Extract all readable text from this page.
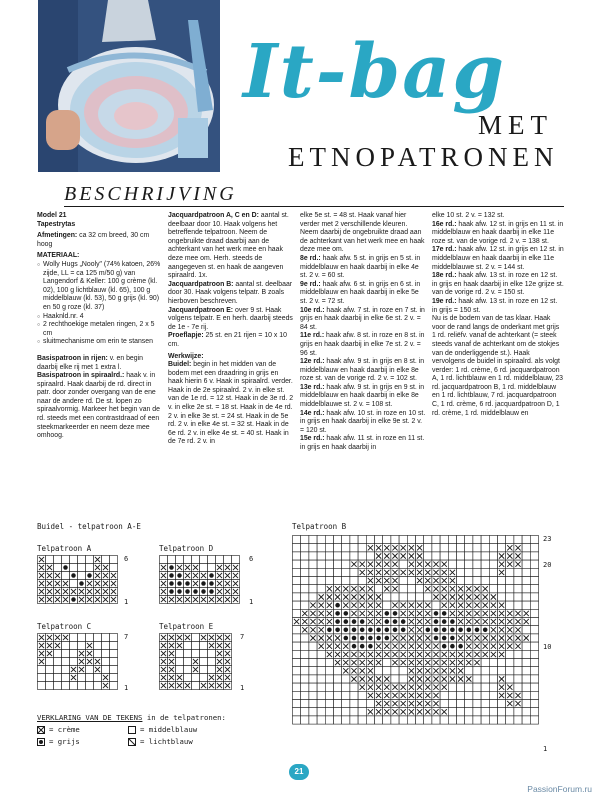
It-bag
MET
ETNOPATRONEN
BESCHRIJVING

Model 21
Tapestrytas

Afmetingen: ca 32 cm breed, 30 cm hoog

MATERIAAL:

○ Wolly Hugs „Nooly" (74% katoen, 26% zijde, LL = ca 125 m/50 g) van Langendorf & Keller: 100 g crème (kl. 02), 100 g lichtblauw (kl. 65), 100 g middelblauw (kl. 53), 50 g grijs (kl. 90) en 50 g roze (kl. 37)
○ Haaknld.nr. 4
○ 2 rechthoekige metalen ringen, 2 x 5 cm
○ sluitmechanisme om erin te stansen

Basispatroon in rijen: v. en begin daarbij elke rij met 1 extra l.
Basispatroon in spiraalrd.: haak v. in spiraalrd. Haak daarbij de rd. direct in patr. door zonder overgang van de ene naar de andere rd. De st. lopen zo spiraalvormig. Markeer het begin van de rd. steeds met een contrastdraad of een steekmarkeerder en neem deze mee omhoog.

Jacquardpatroon A, C en D: aantal st. deelbaar door 10. Haak volgens het betreffende telpatroon. Neem de ongebruikte draad daarbij aan de achterkant van het werk mee en haak deze mee om. Herh. steeds de aangegeven st. en haak de aangeven spiraalrd. 1x.
Jacquardpatroon B: aantal st. deelbaar door 30. Haak volgens telpatr. B zoals hierboven beschreven.
Jacquardpatroon E: over 9 st. Haak volgens telpatr. E en herh. daarbij steeds de 1e - 7e rij.
Proeflapje: 25 st. en 21 rijen = 10 x 10 cm.

Werkwijze:
Buidel: begin in het midden van de bodem met een draadring in grijs en haak hierin 6 v. Haak in spiraalrd. verder. Haak in de 2e spiraalrd. 2 v. in elke st. van de 1e rd. = 12 st. Haak in de 3e rd. 2 v. in elke 2e st. = 18 st. Haak in de 4e rd. 2 v. in elke 3e st. = 24 st. Haak in de 5e rd. 2 v. in elke 4e st. = 32 st. Haak in de 6e rd. 2 v. in elke 4e st. = 40 st. Haak in de 7e rd. 2 v. in

elke 5e st. = 48 st. Haak vanaf hier verder met 2 verschillende kleuren. Neem daarbij de ongebruikte draad aan de achterkant van het werk mee en haak deze mee om.

8e rd.: haak afw. 5 st. in grijs en 5 st. in middelblauw en haak daarbij in elke 4e st. 2 v. = 60 st.

9e rd.: haak afw. 6 st. in grijs en 6 st. in middelblauw en haak daarbij in elke 5e st. 2 v. = 72 st.

10e rd.: haak afw. 7 st. in roze en 7 st. in grijs en haak daarbij in elke 6e st. 2 v. = 84 st.

11e rd.: haak afw. 8 st. in roze en 8 st. in grijs en haak daarbij in elke 7e st. 2 v. = 96 st.

12e rd.: haak afw. 9 st. in grijs en 8 st. in middelblauw en haak daarbij in elke 8e roze st. van de vorige rd. 2 v. = 102 st.

13e rd.: haak afw. 9 st. in grijs en 9 st. in middelblauw en haak daarbij in elke 8e middelblauwe st. 2 v. = 108 st.

14e rd.: haak afw. 10 st. in roze en 10 st. in grijs en haak daarbij in elke 9e st. 2 v. = 120 st.

15e rd.: haak afw. 11 st. in roze en 11 st. in grijs en haak daarbij in

elke 10 st. 2 v. = 132 st.

16e rd.: haak afw. 12 st. in grijs en 11 st. in middelblauw en haak daarbij in elke 11e roze st. van de vorige rd. 2 v. = 138 st.

17e rd.: haak afw. 12 st. in grijs en 12 st. in middelblauw en haak daarbij in elke 11e middelblauwe st. 2 v. = 144 st.

18e rd.: haak afw. 13 st. in roze en 12 st. in grijs en haak daarbij in elke 12e grijze st. van de vorige rd. 2 v. = 150 st.

19e rd.: haak afw. 13 st. in roze en 12 st. in grijs = 150 st.

Nu is de bodem van de tas klaar. Haak voor de rand langs de onderkant met grijs 1 rd. reliëfv. vanaf de achterkant (= steek steeds vanaf de achterkant om de stokjes van de onderliggende st.). Haak vervolgens de buidel in spiraalrd. als volgt verder: 1 rd. crème, 6 rd. jacquardpatroon A, 1 rd. lichtblauw en 1 rd. middelblauw, 23 rd. jacquardpatroon B, 1 rd. middelblauw en 1 rd. lichtblauw, 7 rd. jacquardpatroon C, 1 rd. crème, 6 rd. jacquardpatroon D, 1 rd. crème, 1 rd. middelblauw en

Buidel - telpatroon A-E
Telpatroon A
6
1
Telpatroon D
6
1
Telpatroon C
7
1
Telpatroon E
7
1
Telpatroon B
23
20
10
1
VERKLARING VAN DE TEKENS in de telpatronen:
= crème
= grijs
= middelblauw
= lichtblauw
21
PassionForum.ru
